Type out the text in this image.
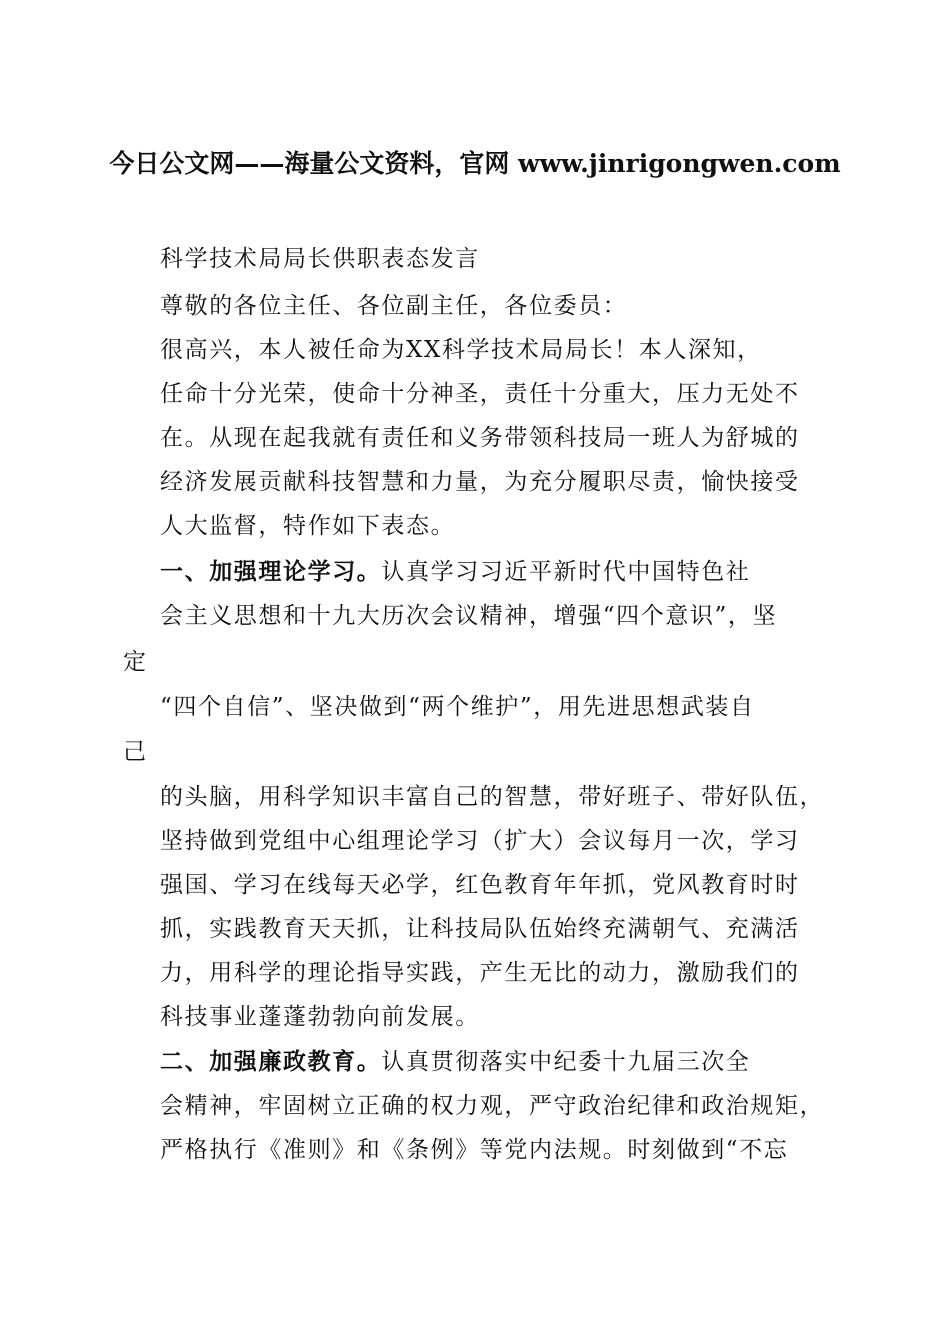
今日公文网——海量公文资料，官网 www.jinrigongwen.com
科学技术局局长供职表态发言
尊敬的各位主任、各位副主任，各位委员：
很高兴，本人被任命为XX科学技术局局长！本人深知，
任命十分光荣，使命十分神圣，责任十分重大，压力无处不
在。从现在起我就有责任和义务带领科技局一班人为舒城的
经济发展贡献科技智慧和力量，为充分履职尽责，愉快接受
人大监督，特作如下表态。
一、加强理论学习。认真学习习近平新时代中国特色社
会主义思想和十九大历次会议精神，增强“四个意识”，坚
定
“四个自信”、坚决做到“两个维护”，用先进思想武装自
己
的头脑，用科学知识丰富自己的智慧，带好班子、带好队伍，
坚持做到党组中心组理论学习（扩大）会议每月一次，学习
强国、学习在线每天必学，红色教育年年抓，党风教育时时
抓，实践教育天天抓，让科技局队伍始终充满朝气、充满活
力，用科学的理论指导实践，产生无比的动力，激励我们的
科技事业蓬蓬勃勃向前发展。
二、加强廉政教育。认真贯彻落实中纪委十九届三次全
会精神，牢固树立正确的权力观，严守政治纪律和政治规矩，
严格执行《准则》和《条例》等党内法规。时刻做到“不忘
